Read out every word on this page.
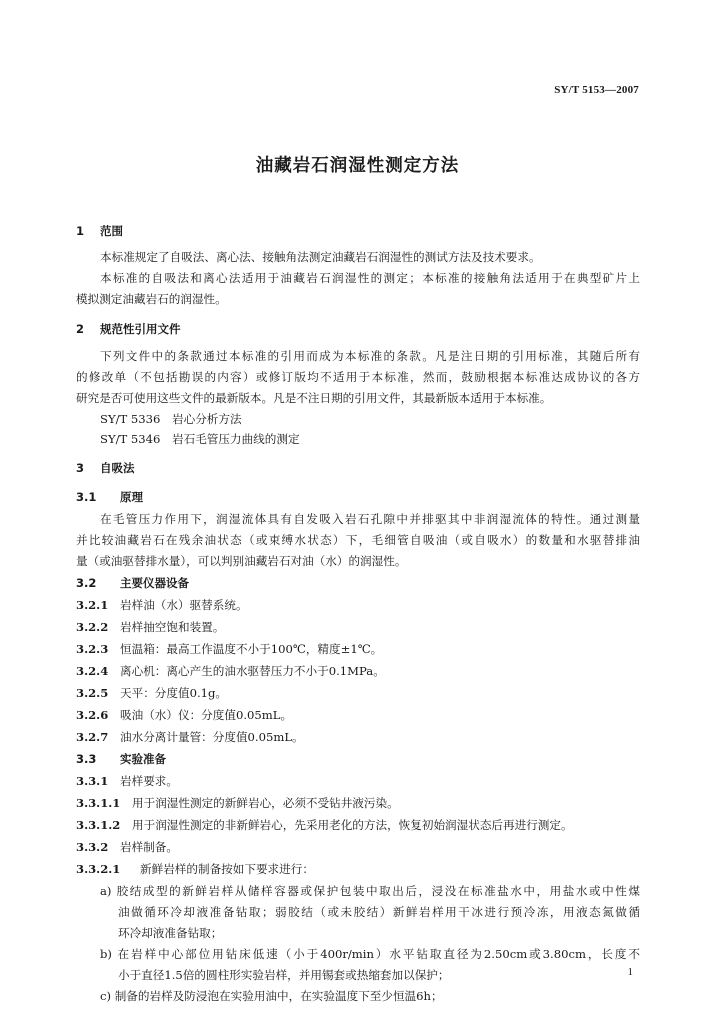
SY/T 5153—2007
油藏岩石润湿性测定方法
1 范围
本标准规定了自吸法、离心法、接触角法测定油藏岩石润湿性的测试方法及技术要求。
本标准的自吸法和离心法适用于油藏岩石润湿性的测定；本标准的接触角法适用于在典型矿片上
模拟测定油藏岩石的润湿性。
2 规范性引用文件
下列文件中的条款通过本标准的引用而成为本标准的条款。凡是注日期的引用标准，其随后所有
的修改单（不包括勘误的内容）或修订版均不适用于本标准，然而，鼓励根据本标准达成协议的各方
研究是否可使用这些文件的最新版本。凡是不注日期的引用文件，其最新版本适用于本标准。
SY/T 5336　岩心分析方法
SY/T 5346　岩石毛管压力曲线的测定
3 自吸法
3.1 原理
在毛管压力作用下，润湿流体具有自发吸入岩石孔隙中并排驱其中非润湿流体的特性。通过测量
并比较油藏岩石在残余油状态（或束缚水状态）下，毛细管自吸油（或自吸水）的数量和水驱替排油
量（或油驱替排水量），可以判别油藏岩石对油（水）的润湿性。
3.2 主要仪器设备
3.2.1 岩样油（水）驱替系统。
3.2.2 岩样抽空饱和装置。
3.2.3 恒温箱：最高工作温度不小于100℃，精度±1℃。
3.2.4 离心机：离心产生的油水驱替压力不小于0.1MPa。
3.2.5 天平：分度值0.1g。
3.2.6 吸油（水）仪：分度值0.05mL。
3.2.7 油水分离计量管：分度值0.05mL。
3.3 实验准备
3.3.1 岩样要求。
3.3.1.1 用于润湿性测定的新鲜岩心，必须不受钻井液污染。
3.3.1.2 用于润湿性测定的非新鲜岩心，先采用老化的方法，恢复初始润湿状态后再进行测定。
3.3.2 岩样制备。
3.3.2.1 新鲜岩样的制备按如下要求进行：
a) 胶结成型的新鲜岩样从储样容器或保护包装中取出后，浸没在标准盐水中，用盐水或中性煤
油做循环冷却液准备钻取；弱胶结（或未胶结）新鲜岩样用干冰进行预冷冻，用液态氮做循
环冷却液准备钻取；
b) 在岩样中心部位用钻床低速（小于400r/min）水平钻取直径为2.50cm或3.80cm，长度不
小于直径1.5倍的圆柱形实验岩样，并用锡套或热缩套加以保护；
c) 制备的岩样及防浸泡在实验用油中，在实验温度下至少恒温6h；
1
